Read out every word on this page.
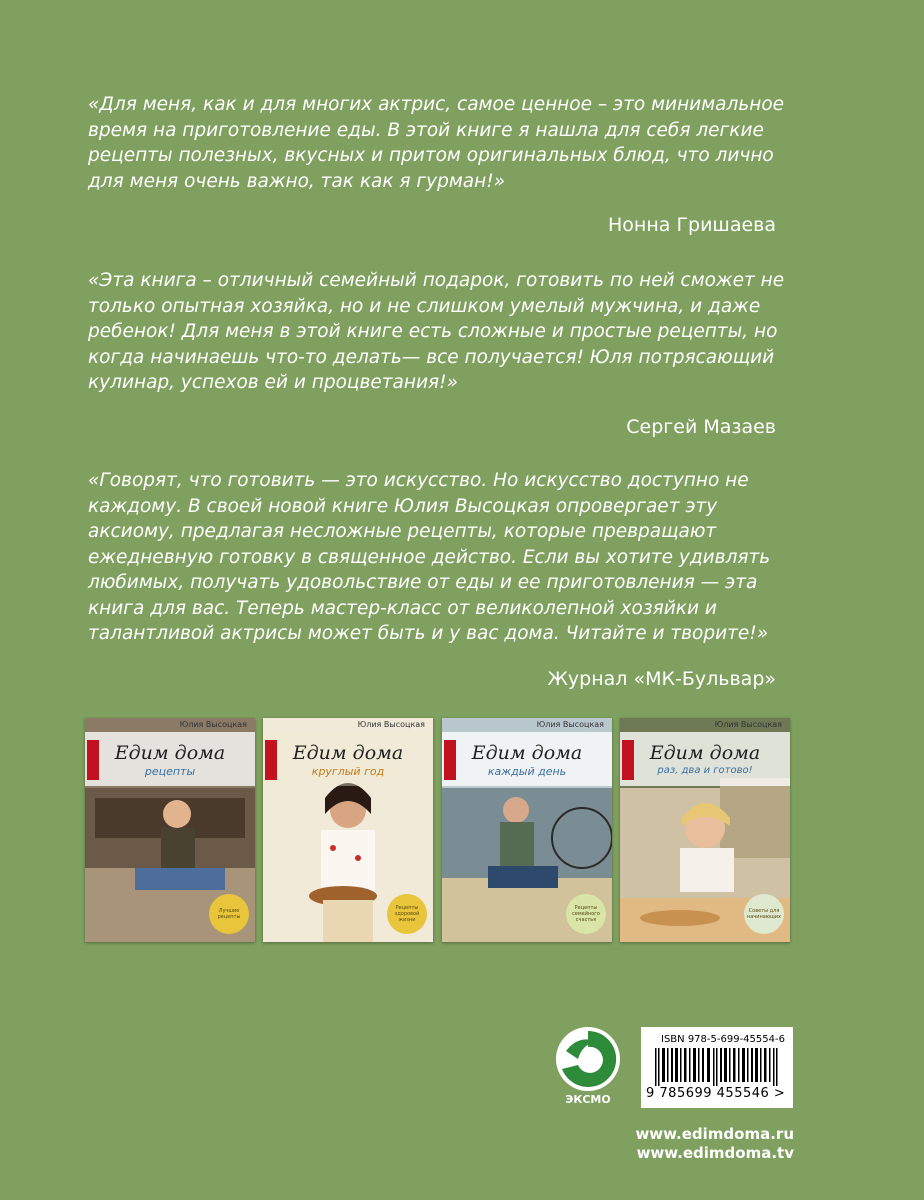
«Для меня, как и для многих актрис, самое ценное – это минимальное время на приготовление еды. В этой книге я нашла для себя легкие рецепты полезных, вкусных и притом оригинальных блюд, что лично для меня очень важно, так как я гурман!»

Нонна Гришаева

«Эта книга – отличный семейный подарок, готовить по ней сможет не только опытная хозяйка, но и не слишком умелый мужчина, и даже ребенок! Для меня в этой книге есть сложные и простые рецепты, но когда начинаешь что-то делать— все получается! Юля потрясающий кулинар, успехов ей и процветания!»

Сергей Мазаев

«Говорят, что готовить — это искусство. Но искусство доступно не каждому. В своей новой книге Юлия Высоцкая опровергает эту аксиому, предлагая несложные рецепты, которые превращают ежедневную готовку в священное действо. Если вы хотите удивлять любимых, получать удовольствие от еды и ее приготовления — эта книга для вас. Теперь мастер-класс от великолепной хозяйки и талантливой актрисы может быть и у вас дома. Читайте и творите!»

Журнал «МК-Бульвар»
Юлия Высоцкая
Едим дома
рецепты
Лучшие рецепты
Юлия Высоцкая
Едим дома
круглый год
Рецепты здоровой жизни
Юлия Высоцкая
Едим дома
каждый день
Рецепты семейного счастья
Юлия Высоцкая
Едим дома
раз, два и готово!
Советы для начинающих
ЭКСМО
ISBN 978-5-699-45554-6
9 785699 455546 >
www.edimdoma.ru
www.edimdoma.tv
